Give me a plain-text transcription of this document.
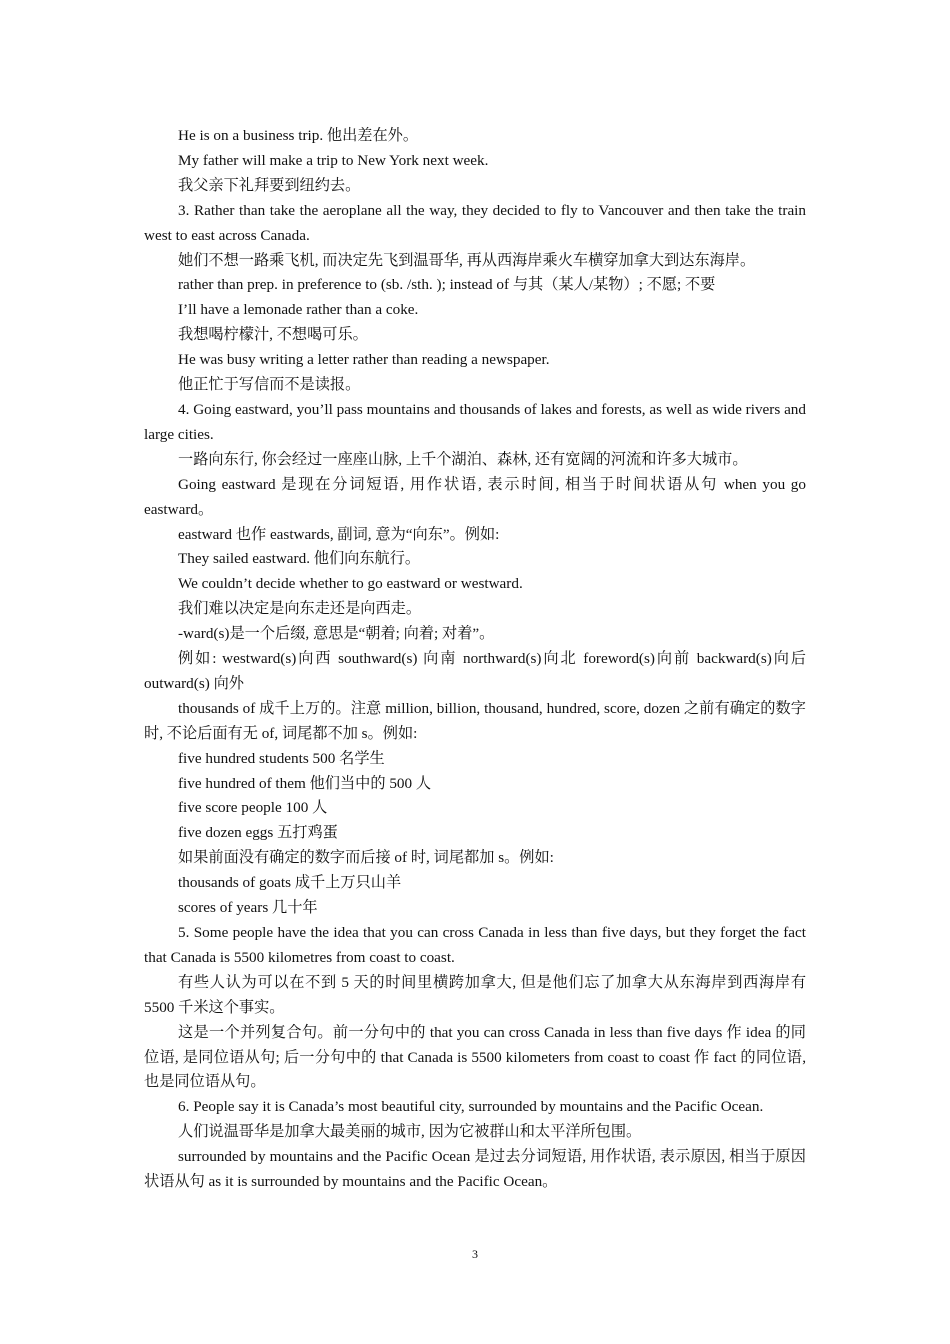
He is on a business trip. 他出差在外。

My father will make a trip to New York next week.

我父亲下礼拜要到纽约去。

3. Rather than take the aeroplane all the way, they decided to fly to Vancouver and then take the train west to east across Canada.

她们不想一路乘飞机, 而决定先飞到温哥华, 再从西海岸乘火车横穿加拿大到达东海岸。

rather than prep. in preference to (sb. /sth. ); instead of 与其（某人/某物）; 不愿; 不要

I’ll have a lemonade rather than a coke.

我想喝柠檬汁, 不想喝可乐。

He was busy writing a letter rather than reading a newspaper.

他正忙于写信而不是读报。

4. Going eastward, you’ll pass mountains and thousands of lakes and forests, as well as wide rivers and large cities.

一路向东行, 你会经过一座座山脉, 上千个湖泊、森林, 还有宽阔的河流和许多大城市。

Going eastward 是现在分词短语, 用作状语, 表示时间, 相当于时间状语从句 when you go eastward。

eastward 也作 eastwards, 副词, 意为“向东”。例如:

They sailed eastward. 他们向东航行。

We couldn’t decide whether to go eastward or westward.

我们难以决定是向东走还是向西走。

-ward(s)是一个后缀, 意思是“朝着; 向着; 对着”。

例如: westward(s)向西 southward(s) 向南 northward(s)向北 foreword(s)向前 backward(s)向后 outward(s) 向外

thousands of 成千上万的。注意 million, billion, thousand, hundred, score, dozen 之前有确定的数字时, 不论后面有无 of, 词尾都不加 s。例如:

five hundred students 500 名学生

five hundred of them 他们当中的 500 人

five score people 100 人

five dozen eggs 五打鸡蛋

如果前面没有确定的数字而后接 of 时, 词尾都加 s。例如:

thousands of goats 成千上万只山羊

scores of years 几十年

5. Some people have the idea that you can cross Canada in less than five days, but they forget the fact that Canada is 5500 kilometres from coast to coast.

有些人认为可以在不到 5 天的时间里横跨加拿大, 但是他们忘了加拿大从东海岸到西海岸有 5500 千米这个事实。

这是一个并列复合句。前一分句中的 that you can cross Canada in less than five days 作 idea 的同位语, 是同位语从句; 后一分句中的 that Canada is 5500 kilometers from coast to coast 作 fact 的同位语, 也是同位语从句。

6. People say it is Canada’s most beautiful city, surrounded by mountains and the Pacific Ocean.

人们说温哥华是加拿大最美丽的城市, 因为它被群山和太平洋所包围。

surrounded by mountains and the Pacific Ocean 是过去分词短语, 用作状语, 表示原因, 相当于原因状语从句 as it is surrounded by mountains and the Pacific Ocean。

3
